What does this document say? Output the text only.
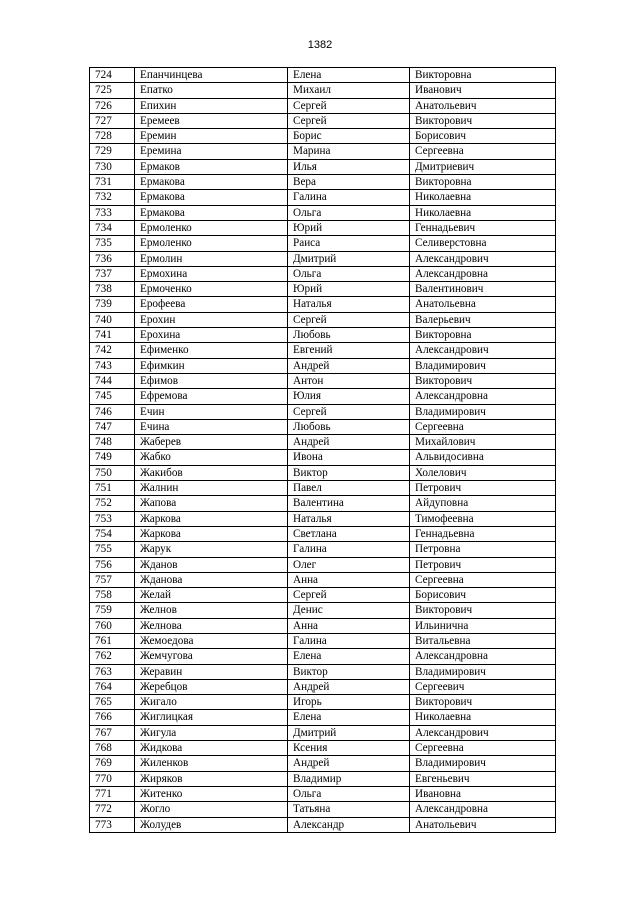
1382
724	Епанчинцева	Елена	Викторовна
725	Епатко	Михаил	Иванович
726	Епихин	Сергей	Анатольевич
727	Еремеев	Сергей	Викторович
728	Еремин	Борис	Борисович
729	Еремина	Марина	Сергеевна
730	Ермаков	Илья	Дмитриевич
731	Ермакова	Вера	Викторовна
732	Ермакова	Галина	Николаевна
733	Ермакова	Ольга	Николаевна
734	Ермоленко	Юрий	Геннадьевич
735	Ермоленко	Раиса	Селиверстовна
736	Ермолин	Дмитрий	Александрович
737	Ермохина	Ольга	Александровна
738	Ермоченко	Юрий	Валентинович
739	Ерофеева	Наталья	Анатольевна
740	Ерохин	Сергей	Валерьевич
741	Ерохина	Любовь	Викторовна
742	Ефименко	Евгений	Александрович
743	Ефимкин	Андрей	Владимирович
744	Ефимов	Антон	Викторович
745	Ефремова	Юлия	Александровна
746	Ечин	Сергей	Владимирович
747	Ечина	Любовь	Сергеевна
748	Жаберев	Андрей	Михайлович
749	Жабко	Ивона	Альвидосивна
750	Жакибов	Виктор	Холелович
751	Жалнин	Павел	Петрович
752	Жапова	Валентина	Айдуповна
753	Жаркова	Наталья	Тимофеевна
754	Жаркова	Светлана	Геннадьевна
755	Жарук	Галина	Петровна
756	Жданов	Олег	Петрович
757	Жданова	Анна	Сергеевна
758	Желай	Сергей	Борисович
759	Желнов	Денис	Викторович
760	Желнова	Анна	Ильинична
761	Жемоедова	Галина	Витальевна
762	Жемчугова	Елена	Александровна
763	Жеравин	Виктор	Владимирович
764	Жеребцов	Андрей	Сергеевич
765	Жигало	Игорь	Викторович
766	Жиглицкая	Елена	Николаевна
767	Жигула	Дмитрий	Александрович
768	Жидкова	Ксения	Сергеевна
769	Жиленков	Андрей	Владимирович
770	Жиряков	Владимир	Евгеньевич
771	Житенко	Ольга	Ивановна
772	Жогло	Татьяна	Александровна
773	Жолудев	Александр	Анатольевич
